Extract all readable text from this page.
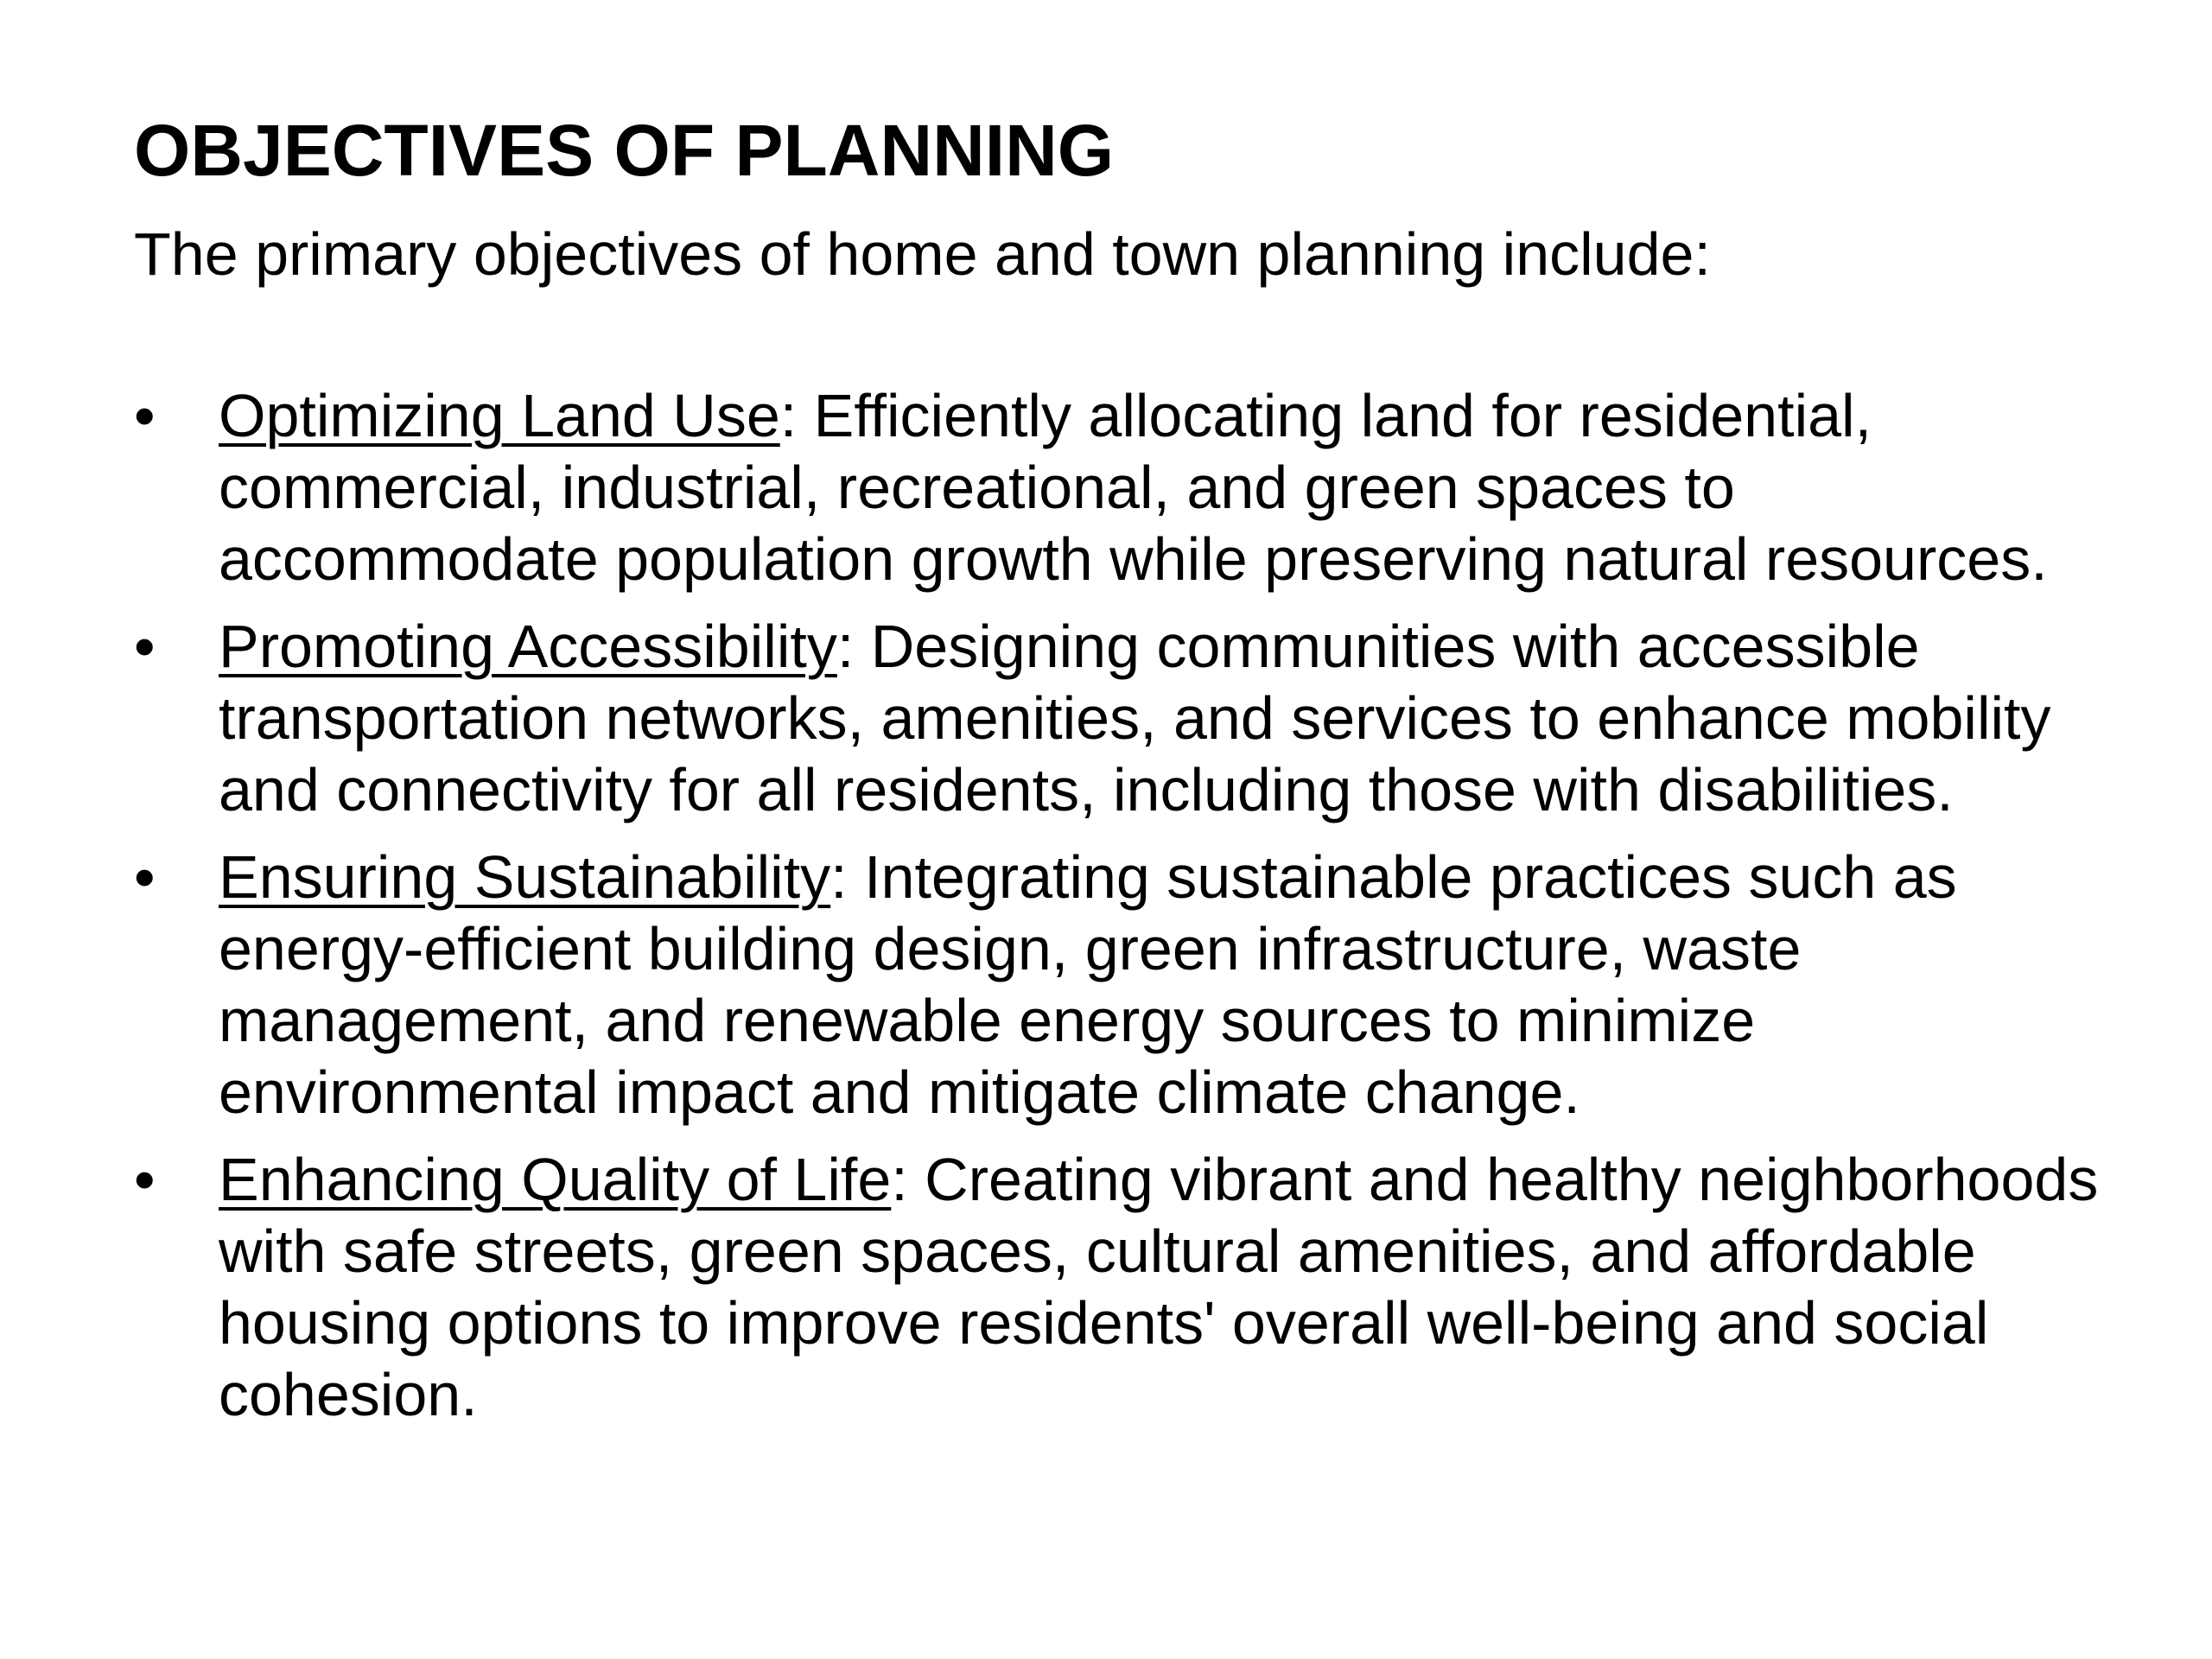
OBJECTIVES OF PLANNING

The primary objectives of home and town planning include:

• Optimizing Land Use: Efficiently allocating land for residential, commercial, industrial, recreational, and green spaces to accommodate population growth while preserving natural resources.
• Promoting Accessibility: Designing communities with accessible transportation networks, amenities, and services to enhance mobility and connectivity for all residents, including those with disabilities.
• Ensuring Sustainability: Integrating sustainable practices such as energy-efficient building design, green infrastructure, waste management, and renewable energy sources to minimize environmental impact and mitigate climate change.
• Enhancing Quality of Life: Creating vibrant and healthy neighborhoods with safe streets, green spaces, cultural amenities, and affordable housing options to improve residents' overall well-being and social cohesion.
